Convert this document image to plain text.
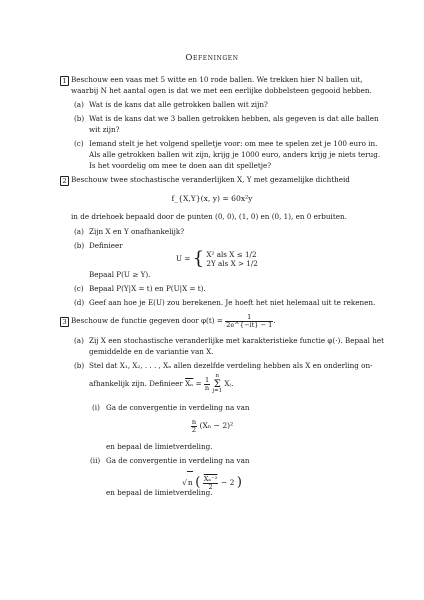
Oefeningen
1 Beschouw een vaas met 5 witte en 10 rode ballen. We trekken hier N ballen uit,
waarbij N het aantal ogen is dat we met een eerlijke dobbelsteen gegooid hebben.
(a) Wat is de kans dat alle getrokken ballen wit zijn?
(b) Wat is de kans dat we 3 ballen getrokken hebben, als gegeven is dat alle ballen
wit zijn?
(c) Iemand stelt je het volgend spelletje voor: om mee te spelen zet je 100 euro in.
Als alle getrokken ballen wit zijn, krijg je 1000 euro, anders krijg je niets terug.
Is het voordelig om mee te doen aan dit spelletje?
2 Beschouw twee stochastische veranderlijken X, Y met gezamelijke dichtheid
f_{X,Y}(x, y) = 60x²y
in de driehoek bepaald door de punten (0, 0), (1, 0) en (0, 1), en 0 erbuiten.
(a) Zijn X en Y onafhankelijk?
(b) Definieer
U = { X² als X ≤ 1/2
2Y als X > 1/2
Bepaal P(U ≥ Y).
(c) Bepaal P(Y|X = t) en P(U|X = t).
(d) Geef aan hoe je E(U) zou berekenen. Je hoeft het niet helemaal uit te rekenen.
3 Beschouw de functie gegeven door $\varphi(t) = \frac{1}{2e\^{}\{-it\} - 1}$ .
(a) Zij X een stochastische veranderlijke met karakteristieke functie φ(·). Bepaal het
gemiddelde en de variantie van X.
(b) Stel dat X₁, X₂, . . . , Xₙ allen dezelfde verdeling hebben als X en onderling on-
afhankelijk zijn. Definieer $\overline{X_n} = \frac{1}{n}$
n
Σ
j=1 Xⱼ.
(i) Ga de convergentie in verdeling na van
$\frac{n}{2} (X_n - 2)^2$
en bepaal de limietverdeling.
(ii) Ga de convergentie in verdeling na van
√n ( $\frac{\text{Xₙ⁻²}}{2} - 2$ )
en bepaal de limietverdeling.
